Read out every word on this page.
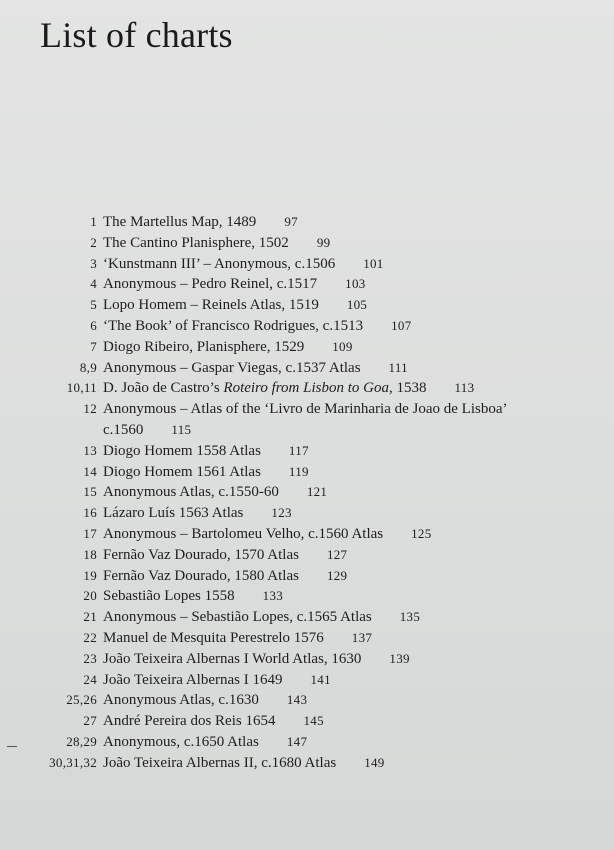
List of charts
1 The Martellus Map, 1489 97
2 The Cantino Planisphere, 1502 99
3 ‘Kunstmann III’ – Anonymous, c.1506 101
4 Anonymous – Pedro Reinel, c.1517 103
5 Lopo Homem – Reinels Atlas, 1519 105
6 ‘The Book’ of Francisco Rodrigues, c.1513 107
7 Diogo Ribeiro, Planisphere, 1529 109
8,9 Anonymous – Gaspar Viegas, c.1537 Atlas 111
10,11 D. João de Castro’s Roteiro from Lisbon to Goa, 1538 113
12 Anonymous – Atlas of the ‘Livro de Marinharia de Joao de Lisboa’
c.1560 115
13 Diogo Homem 1558 Atlas 117
14 Diogo Homem 1561 Atlas 119
15 Anonymous Atlas, c.1550-60 121
16 Lázaro Luís 1563 Atlas 123
17 Anonymous – Bartolomeu Velho, c.1560 Atlas 125
18 Fernão Vaz Dourado, 1570 Atlas 127
19 Fernão Vaz Dourado, 1580 Atlas 129
20 Sebastião Lopes 1558 133
21 Anonymous – Sebastião Lopes, c.1565 Atlas 135
22 Manuel de Mesquita Perestrelo 1576 137
23 João Teixeira Albernas I World Atlas, 1630 139
24 João Teixeira Albernas I 1649 141
25,26 Anonymous Atlas, c.1630 143
27 André Pereira dos Reis 1654 145
28,29 Anonymous, c.1650 Atlas 147
30,31,32 João Teixeira Albernas II, c.1680 Atlas 149
